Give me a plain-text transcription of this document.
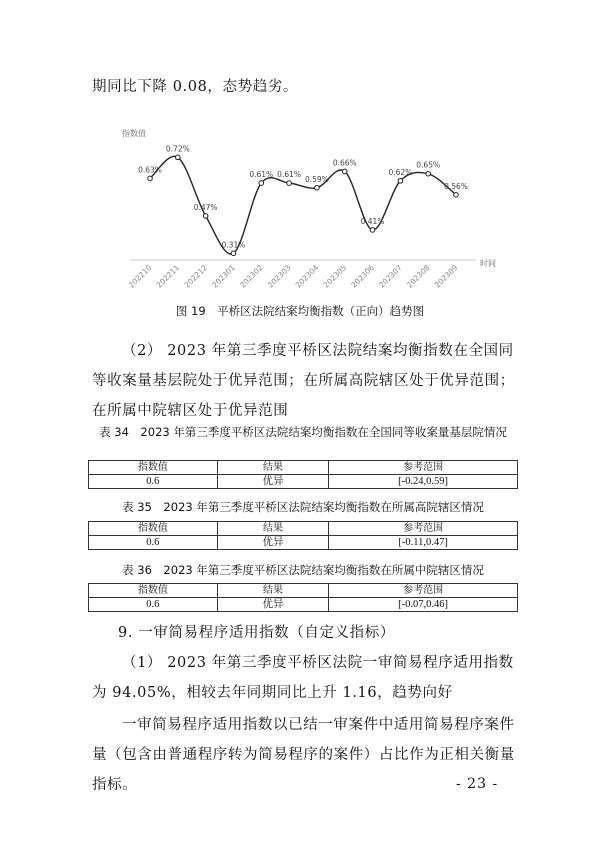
期同比下降 0.08，态势趋劣。
指数值
时间
0.63%
0.72%
0.47%
0.31%
0.61% 0.61%
0.59%
0.66%
0.41%
0.62%
0.65%
0.56%
202210 202211 202212 202301 202302 202303 202304 202305 202306 202307 202308 202309
图 19　平桥区法院结案均衡指数（正向）趋势图
（2） 2023 年第三季度平桥区法院结案均衡指数在全国同等收案量基层院处于优异范围；在所属高院辖区处于优异范围；在所属中院辖区处于优异范围
表 34　2023 年第三季度平桥区法院结案均衡指数在全国同等收案量基层院情况
指数值	结果	参考范围
0.6	优异	[-0.24,0.59]
表 35　2023 年第三季度平桥区法院结案均衡指数在所属高院辖区情况
指数值	结果	参考范围
0.6	优异	[-0.11,0.47]
表 36　2023 年第三季度平桥区法院结案均衡指数在所属中院辖区情况
指数值	结果	参考范围
0.6	优异	[-0.07,0.46]
9. 一审简易程序适用指数（自定义指标）
（1） 2023 年第三季度平桥区法院一审简易程序适用指数为 94.05%，相较去年同期同比上升 1.16，趋势向好
一审简易程序适用指数以已结一审案件中适用简易程序案件量（包含由普通程序转为简易程序的案件）占比作为正相关衡量指标。	- 23 -
